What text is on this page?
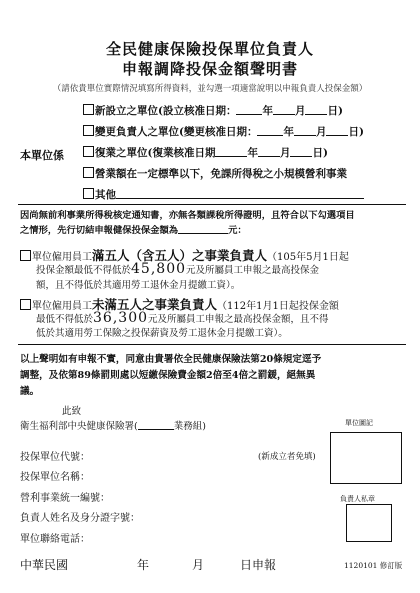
全民健康保險投保單位負責人
申報調降投保金額聲明書
（請依貴單位實際情況填寫所得資料，並勾選一項適當說明以申報負責人投保金額）
本單位係
新設立之單位(設立核准日期： 年 月 日)
變更負責人之單位(變更核准日期： 年 月 日)
復業之單位(復業核准日期	年 月 日)
營業額在一定標準以下，免課所得稅之小規模營利事業
其他
因尚無前利事業所得稅核定通知書，亦無各類課稅所得證明，且符合以下勾選項目
之情形，先行切結申報健保投保金額為	元：
單位僱用員工滿五人（含五人）之事業負責人（105年5月1日起
投保金額最低不得低於45,800元及所屬員工申報之最高投保金
額，且不得低於其適用勞工退休金月提繳工資）。
單位僱用員工未滿五人之事業負責人（112年1月1日起投保金額
最低不得低於36,300元及所屬員工申報之最高投保金額，且不得
低於其適用勞工保險之投保薪資及勞工退休金月提繳工資）。
以上聲明如有申報不實，同意由貴署依全民健康保險法第20條規定逕予
調整，及依第89條罰則處以短繳保險費金額2倍至4倍之罰鍰，絕無異
議。
此致
衛生福利部中央健康保險署(	業務組)	單位圖記
負責人私章
投保單位代號：	(新成立者免填)
投保單位名稱：
營利事業統一編號：
負責人姓名及身分證字號：
單位聯絡電話：
中華民國	年	月	日申報	1120101 修訂版
